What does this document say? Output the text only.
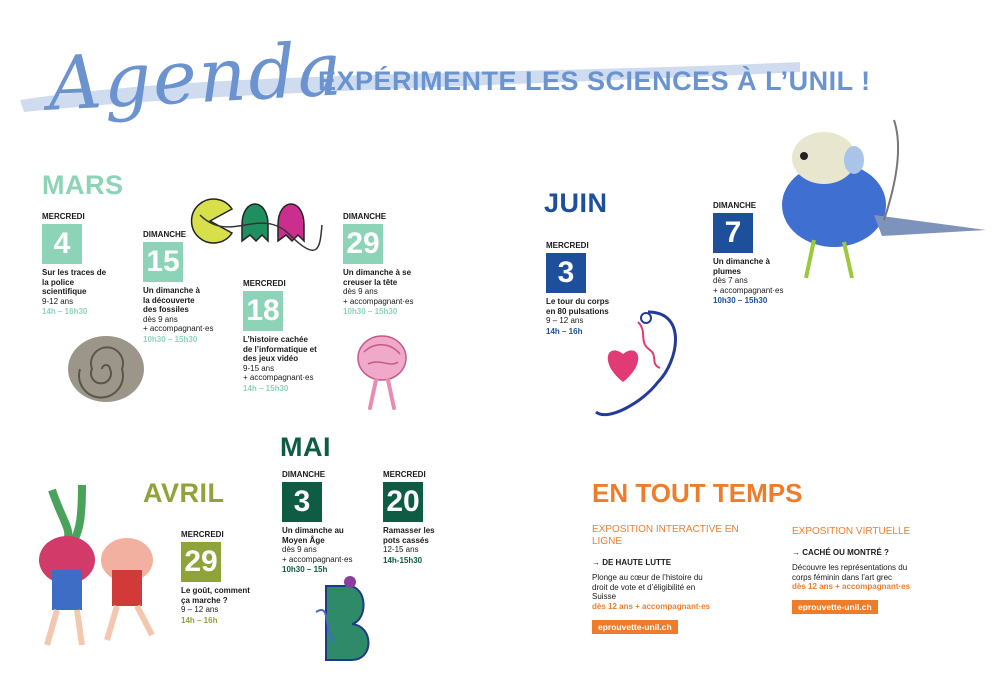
Agenda
EXPÉRIMENTE LES SCIENCES À L’UNIL !
MARS
JUIN
AVRIL
MAI
MERCREDI
4
Sur les traces de la police scientifique
9-12 ans
14h – 16h30
DIMANCHE
15
Un dimanche à la découverte des fossiles
dès 9 ans
+ accompagnant·es
10h30 – 15h30
MERCREDI
18
L’histoire cachée de l’informatique et des jeux vidéo
9-15 ans
+ accompagnant·es
14h – 15h30
DIMANCHE
29
Un dimanche à se creuser la tête
dès 9 ans
+ accompagnant·es
10h30 – 15h30
MERCREDI
3
Le tour du corps en 80 pulsations
9 – 12 ans
14h – 16h
DIMANCHE
7
Un dimanche à plumes
dès 7 ans
+ accompagnant·es
10h30 – 15h30
MERCREDI
29
Le goût, comment ça marche ?
9 – 12 ans
14h – 16h
DIMANCHE
3
Un dimanche au Moyen Âge
dès 9 ans
+ accompagnant·es
10h30 – 15h
MERCREDI
20
Ramasser les pots cassés
12-15 ans
14h-15h30
EN TOUT TEMPS
EXPOSITION INTERACTIVE EN LIGNE
→ DE HAUTE LUTTE
Plonge au cœur de l’histoire du droit de vote et d’éligibilité en Suisse
dès 12 ans + accompagnant·es
eprouvette-unil.ch
EXPOSITION VIRTUELLE
→ CACHÉ OU MONTRÉ ?
Découvre les représentations du corps féminin dans l’art grec
dès 12 ans + accompagnant·es
eprouvette-unil.ch
